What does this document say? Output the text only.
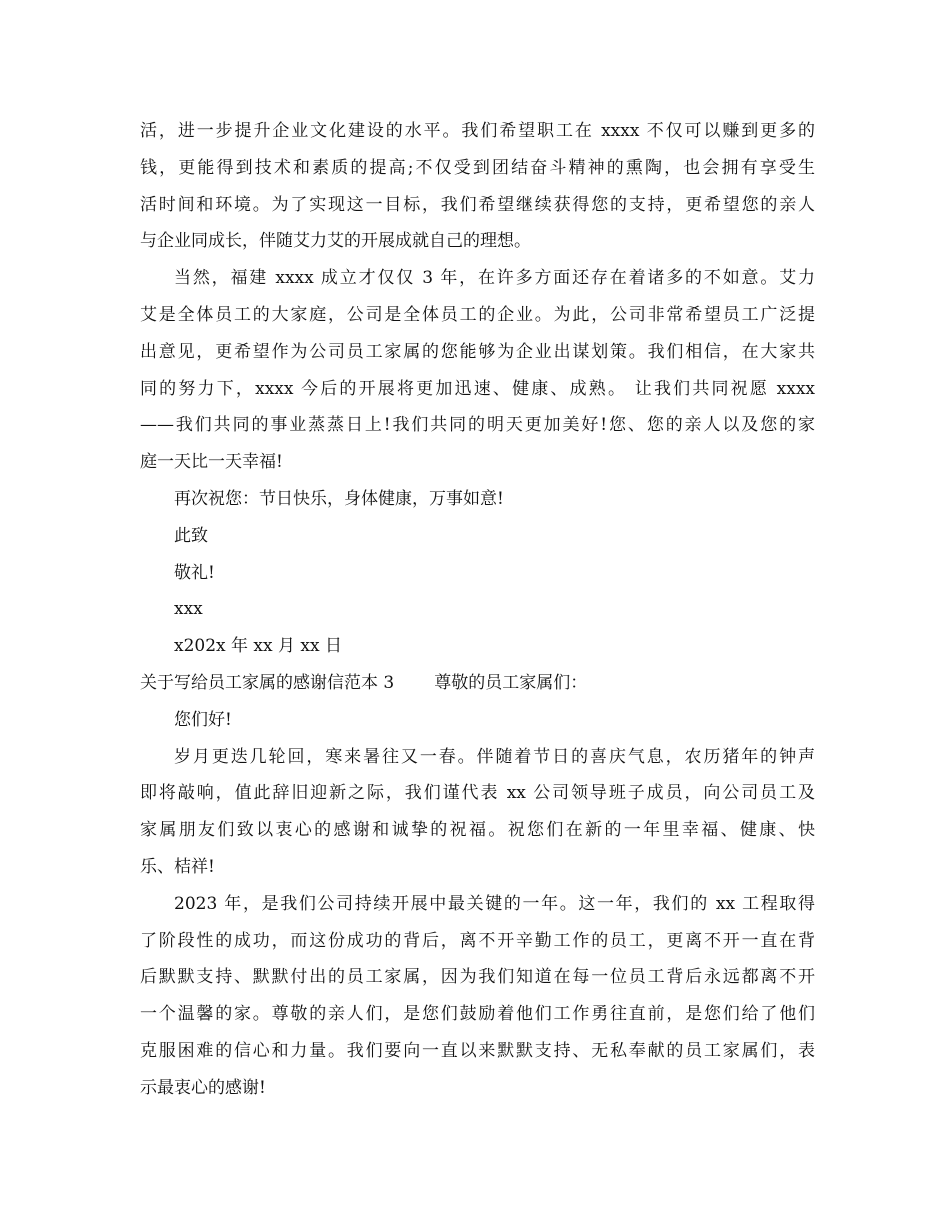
活，进一步提升企业文化建设的水平。我们希望职工在 xxxx 不仅可以赚到更多的
钱，更能得到技术和素质的提高;不仅受到团结奋斗精神的熏陶，也会拥有享受生
活时间和环境。为了实现这一目标，我们希望继续获得您的支持，更希望您的亲人
与企业同成长，伴随艾力艾的开展成就自己的理想。
当然，福建 xxxx 成立才仅仅 3 年，在许多方面还存在着诸多的不如意。艾力
艾是全体员工的大家庭，公司是全体员工的企业。为此，公司非常希望员工广泛提
出意见，更希望作为公司员工家属的您能够为企业出谋划策。我们相信，在大家共
同的努力下，xxxx 今后的开展将更加迅速、健康、成熟。 让我们共同祝愿 xxxx
——我们共同的事业蒸蒸日上!我们共同的明天更加美好!您、您的亲人以及您的家
庭一天比一天幸福!
再次祝您：节日快乐，身体健康，万事如意!
此致
敬礼!
xxx
x202x 年 xx 月 xx 日
关于写给员工家属的感谢信范本 3 尊敬的员工家属们：
您们好!
岁月更迭几轮回，寒来暑往又一春。伴随着节日的喜庆气息，农历猪年的钟声
即将敲响，值此辞旧迎新之际，我们谨代表 xx 公司领导班子成员，向公司员工及
家属朋友们致以衷心的感谢和诚挚的祝福。祝您们在新的一年里幸福、健康、快
乐、桔祥!
2023 年，是我们公司持续开展中最关键的一年。这一年，我们的 xx 工程取得
了阶段性的成功，而这份成功的背后，离不开辛勤工作的员工，更离不开一直在背
后默默支持、默默付出的员工家属，因为我们知道在每一位员工背后永远都离不开
一个温馨的家。尊敬的亲人们，是您们鼓励着他们工作勇往直前，是您们给了他们
克服困难的信心和力量。我们要向一直以来默默支持、无私奉献的员工家属们，表
示最衷心的感谢!
